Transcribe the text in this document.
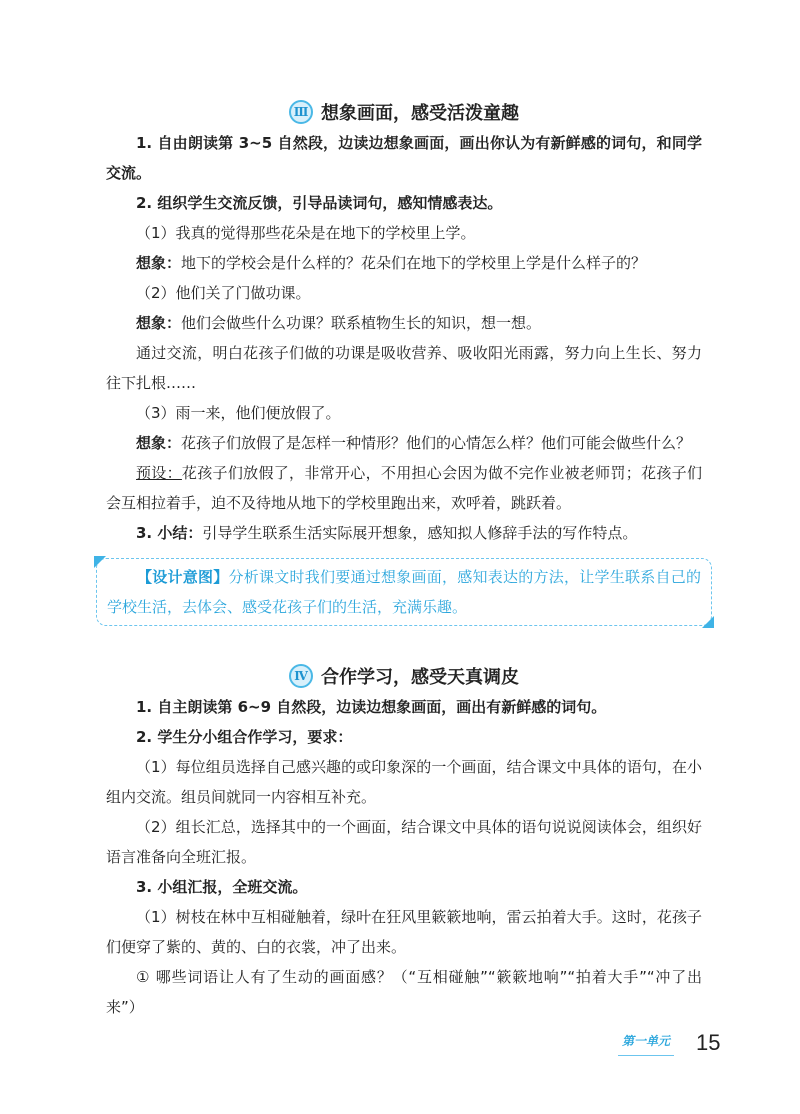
Ⅲ 想象画面，感受活泼童趣

1. 自由朗读第 3~5 自然段，边读边想象画面，画出你认为有新鲜感的词句，和同学交流。

2. 组织学生交流反馈，引导品读词句，感知情感表达。

（1）我真的觉得那些花朵是在地下的学校里上学。

想象：地下的学校会是什么样的？花朵们在地下的学校里上学是什么样子的？

（2）他们关了门做功课。

想象：他们会做些什么功课？联系植物生长的知识，想一想。

通过交流，明白花孩子们做的功课是吸收营养、吸收阳光雨露，努力向上生长、努力往下扎根……

（3）雨一来，他们便放假了。

想象：花孩子们放假了是怎样一种情形？他们的心情怎么样？他们可能会做些什么？

预设：花孩子们放假了，非常开心，不用担心会因为做不完作业被老师罚；花孩子们会互相拉着手，迫不及待地从地下的学校里跑出来，欢呼着，跳跃着。

3. 小结：引导学生联系生活实际展开想象，感知拟人修辞手法的写作特点。

【设计意图】分析课文时我们要通过想象画面，感知表达的方法，让学生联系自己的学校生活，去体会、感受花孩子们的生活，充满乐趣。

Ⅳ 合作学习，感受天真调皮

1. 自主朗读第 6~9 自然段，边读边想象画面，画出有新鲜感的词句。

2. 学生分小组合作学习，要求：

（1）每位组员选择自己感兴趣的或印象深的一个画面，结合课文中具体的语句，在小组内交流。组员间就同一内容相互补充。

（2）组长汇总，选择其中的一个画面，结合课文中具体的语句说说阅读体会，组织好语言准备向全班汇报。

3. 小组汇报，全班交流。

（1）树枝在林中互相碰触着，绿叶在狂风里簌簌地响，雷云拍着大手。这时，花孩子们便穿了紫的、黄的、白的衣裳，冲了出来。

① 哪些词语让人有了生动的画面感？（“互相碰触”“簌簌地响”“拍着大手”“冲了出来”）

第一单元 15
